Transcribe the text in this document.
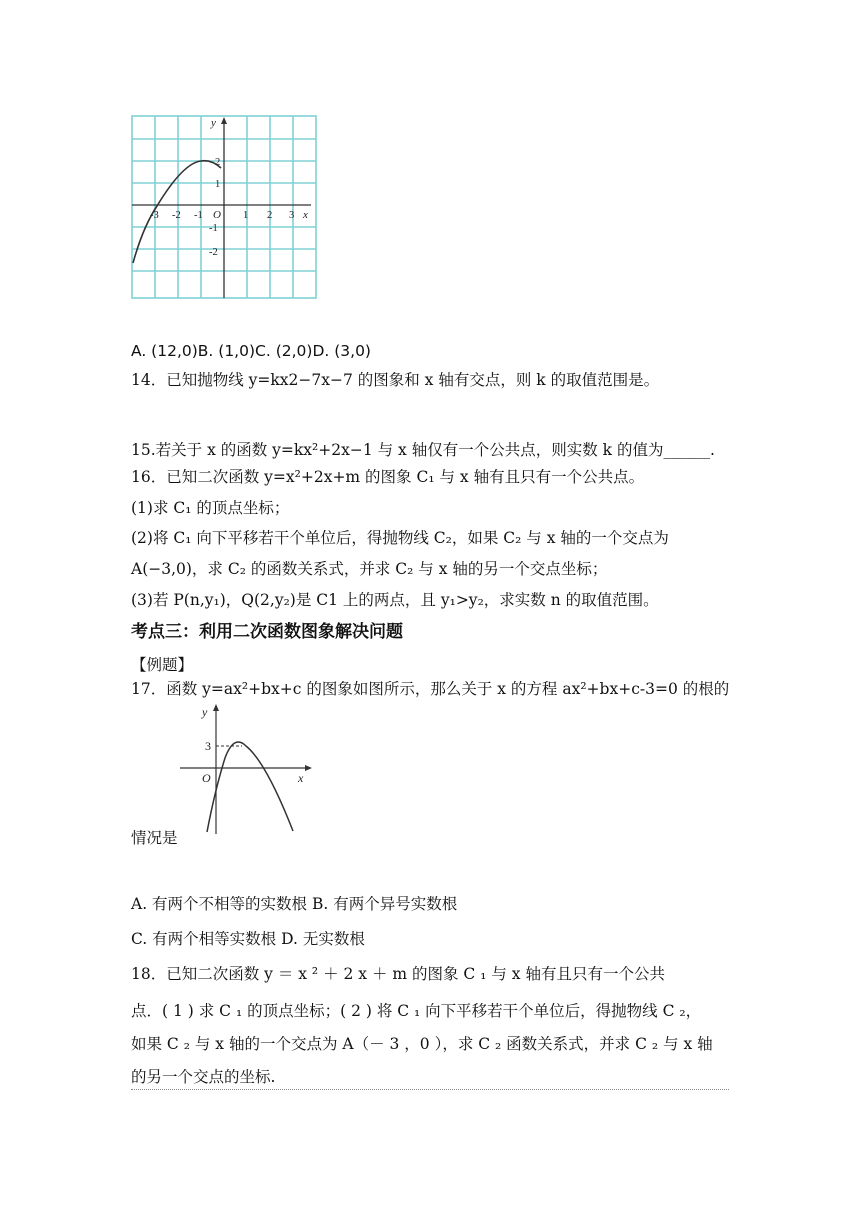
y
x
O
-3 -2 -1	1 2 3
2
1
-1
-2
A. (12,0)B. (1,0)C. (2,0)D. (3,0)
14．已知抛物线 y=kx2−7x−7 的图象和 x 轴有交点，则 k 的取值范围是。
15.若关于 x 的函数 y=kx²+2x−1 与 x 轴仅有一个公共点，则实数 k 的值为______.
16．已知二次函数 y=x²+2x+m 的图象 C₁ 与 x 轴有且只有一个公共点。
(1)求 C₁ 的顶点坐标；
(2)将 C₁ 向下平移若干个单位后，得抛物线 C₂，如果 C₂ 与 x 轴的一个交点为
A(−3,0)，求 C₂ 的函数关系式，并求 C₂ 与 x 轴的另一个交点坐标；
(3)若 P(n,y₁)，Q(2,y₂)是 C1 上的两点，且 y₁>y₂，求实数 n 的取值范围。
考点三：利用二次函数图象解决问题
【例题】
17．函数 y=ax²+bx+c 的图象如图所示，那么关于 x 的方程 ax²+bx+c-3=0 的根的
y
x
O
3
情况是
A. 有两个不相等的实数根 B. 有两个异号实数根
C. 有两个相等实数根 D. 无实数根
18．已知二次函数 y ＝ x ² ＋ 2 x ＋ m 的图象 C ₁ 与 x 轴有且只有一个公共
点．( 1 ) 求 C ₁ 的顶点坐标；( 2 ) 将 C ₁ 向下平移若干个单位后，得抛物线 C ₂，
如果 C ₂ 与 x 轴的一个交点为 A（－ 3 ，0 ），求 C ₂ 函数关系式，并求 C ₂ 与 x 轴
的另一个交点的坐标.
